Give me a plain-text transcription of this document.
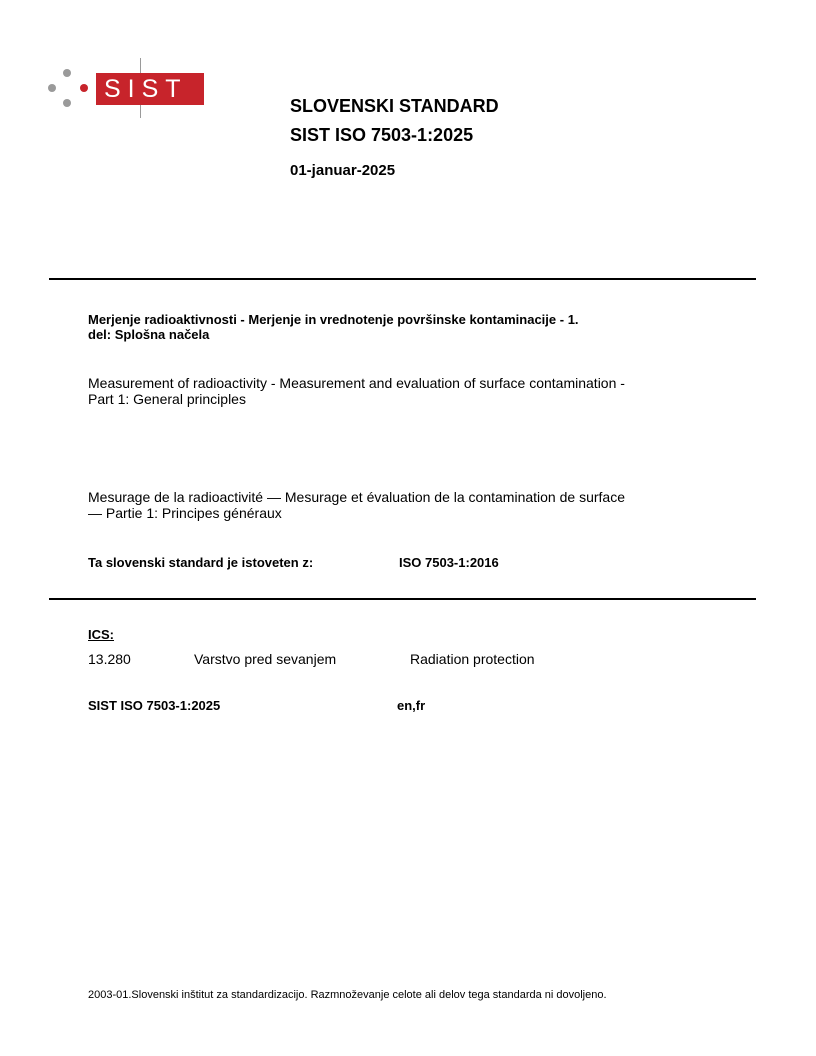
SIST
SLOVENSKI STANDARD
SIST ISO 7503-1:2025
01-januar-2025
Merjenje radioaktivnosti - Merjenje in vrednotenje površinske kontaminacije - 1.
del: Splošna načela
Measurement of radioactivity - Measurement and evaluation of surface contamination -
Part 1: General principles
Mesurage de la radioactivité — Mesurage et évaluation de la contamination de surface
— Partie 1: Principes généraux
Ta slovenski standard je istoveten z:	ISO 7503-1:2016
ICS:
13.280	Varstvo pred sevanjem	Radiation protection
SIST ISO 7503-1:2025	en,fr
2003-01.Slovenski inštitut za standardizacijo. Razmnoževanje celote ali delov tega standarda ni dovoljeno.
